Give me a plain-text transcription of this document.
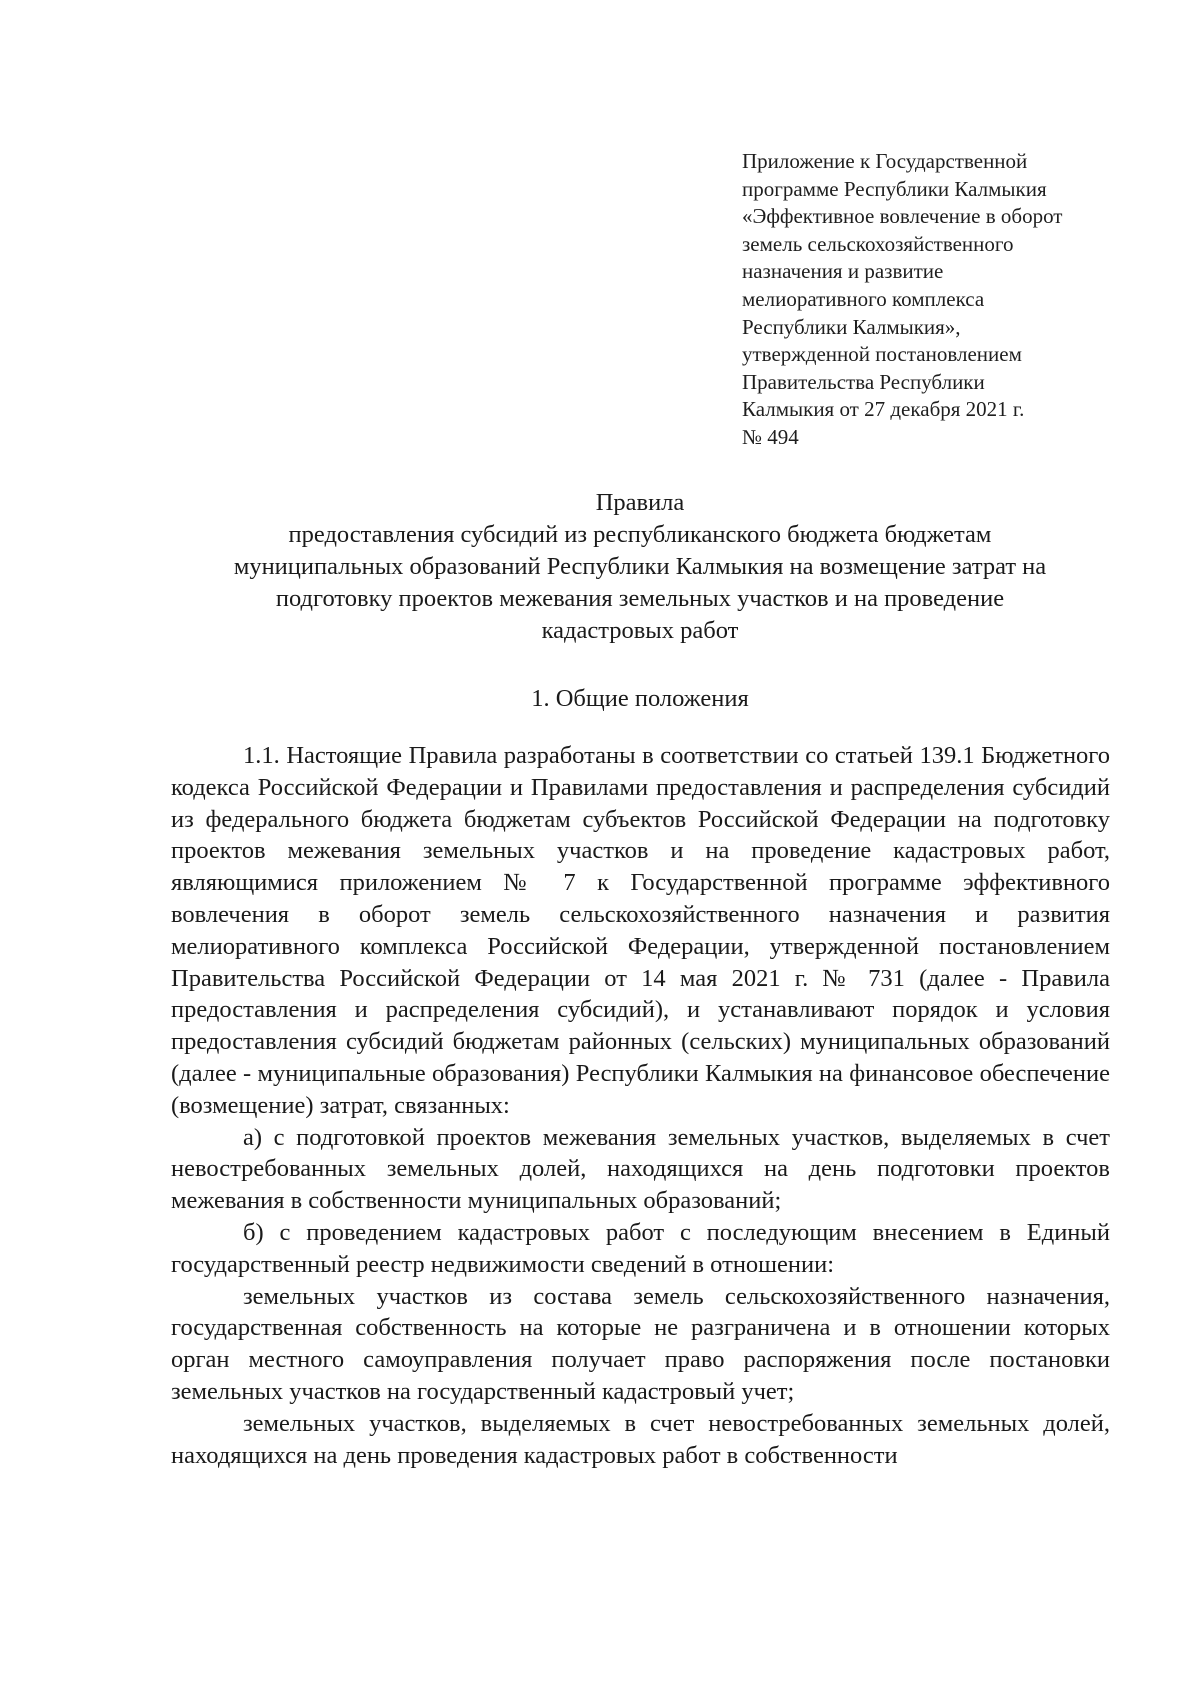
Приложение к Государственной
программе Республики Калмыкия
«Эффективное вовлечение в оборот
земель сельскохозяйственного
назначения и развитие
мелиоративного комплекса
Республики Калмыкия»,
утвержденной постановлением
Правительства Республики
Калмыкия от 27 декабря 2021 г.
№ 494
Правила
предоставления субсидий из республиканского бюджета бюджетам
муниципальных образований Республики Калмыкия на возмещение затрат на
подготовку проектов межевания земельных участков и на проведение
кадастровых работ
1. Общие положения

1.1. Настоящие Правила разработаны в соответствии со статьей 139.1 Бюджетного кодекса Российской Федерации и Правилами предоставления и распределения субсидий из федерального бюджета бюджетам субъектов Российской Федерации на подготовку проектов межевания земельных участков и на проведение кадастровых работ, являющимися приложением № 7 к Государственной программе эффективного вовлечения в оборот земель сельскохозяйственного назначения и развития мелиоративного комплекса Российской Федерации, утвержденной постановлением Правительства Российской Федерации от 14 мая 2021 г. № 731 (далее - Правила предоставления и распределения субсидий), и устанавливают порядок и условия предоставления субсидий бюджетам районных (сельских) муниципальных образований (далее - муниципальные образования) Республики Калмыкия на финансовое обеспечение (возмещение) затрат, связанных:

а) с подготовкой проектов межевания земельных участков, выделяемых в счет невостребованных земельных долей, находящихся на день подготовки проектов межевания в собственности муниципальных образований;

б) с проведением кадастровых работ с последующим внесением в Единый государственный реестр недвижимости сведений в отношении:

земельных участков из состава земель сельскохозяйственного назначения, государственная собственность на которые не разграничена и в отношении которых орган местного самоуправления получает право распоряжения после постановки земельных участков на государственный кадастровый учет;

земельных участков, выделяемых в счет невостребованных земельных долей, находящихся на день проведения кадастровых работ в собственности
